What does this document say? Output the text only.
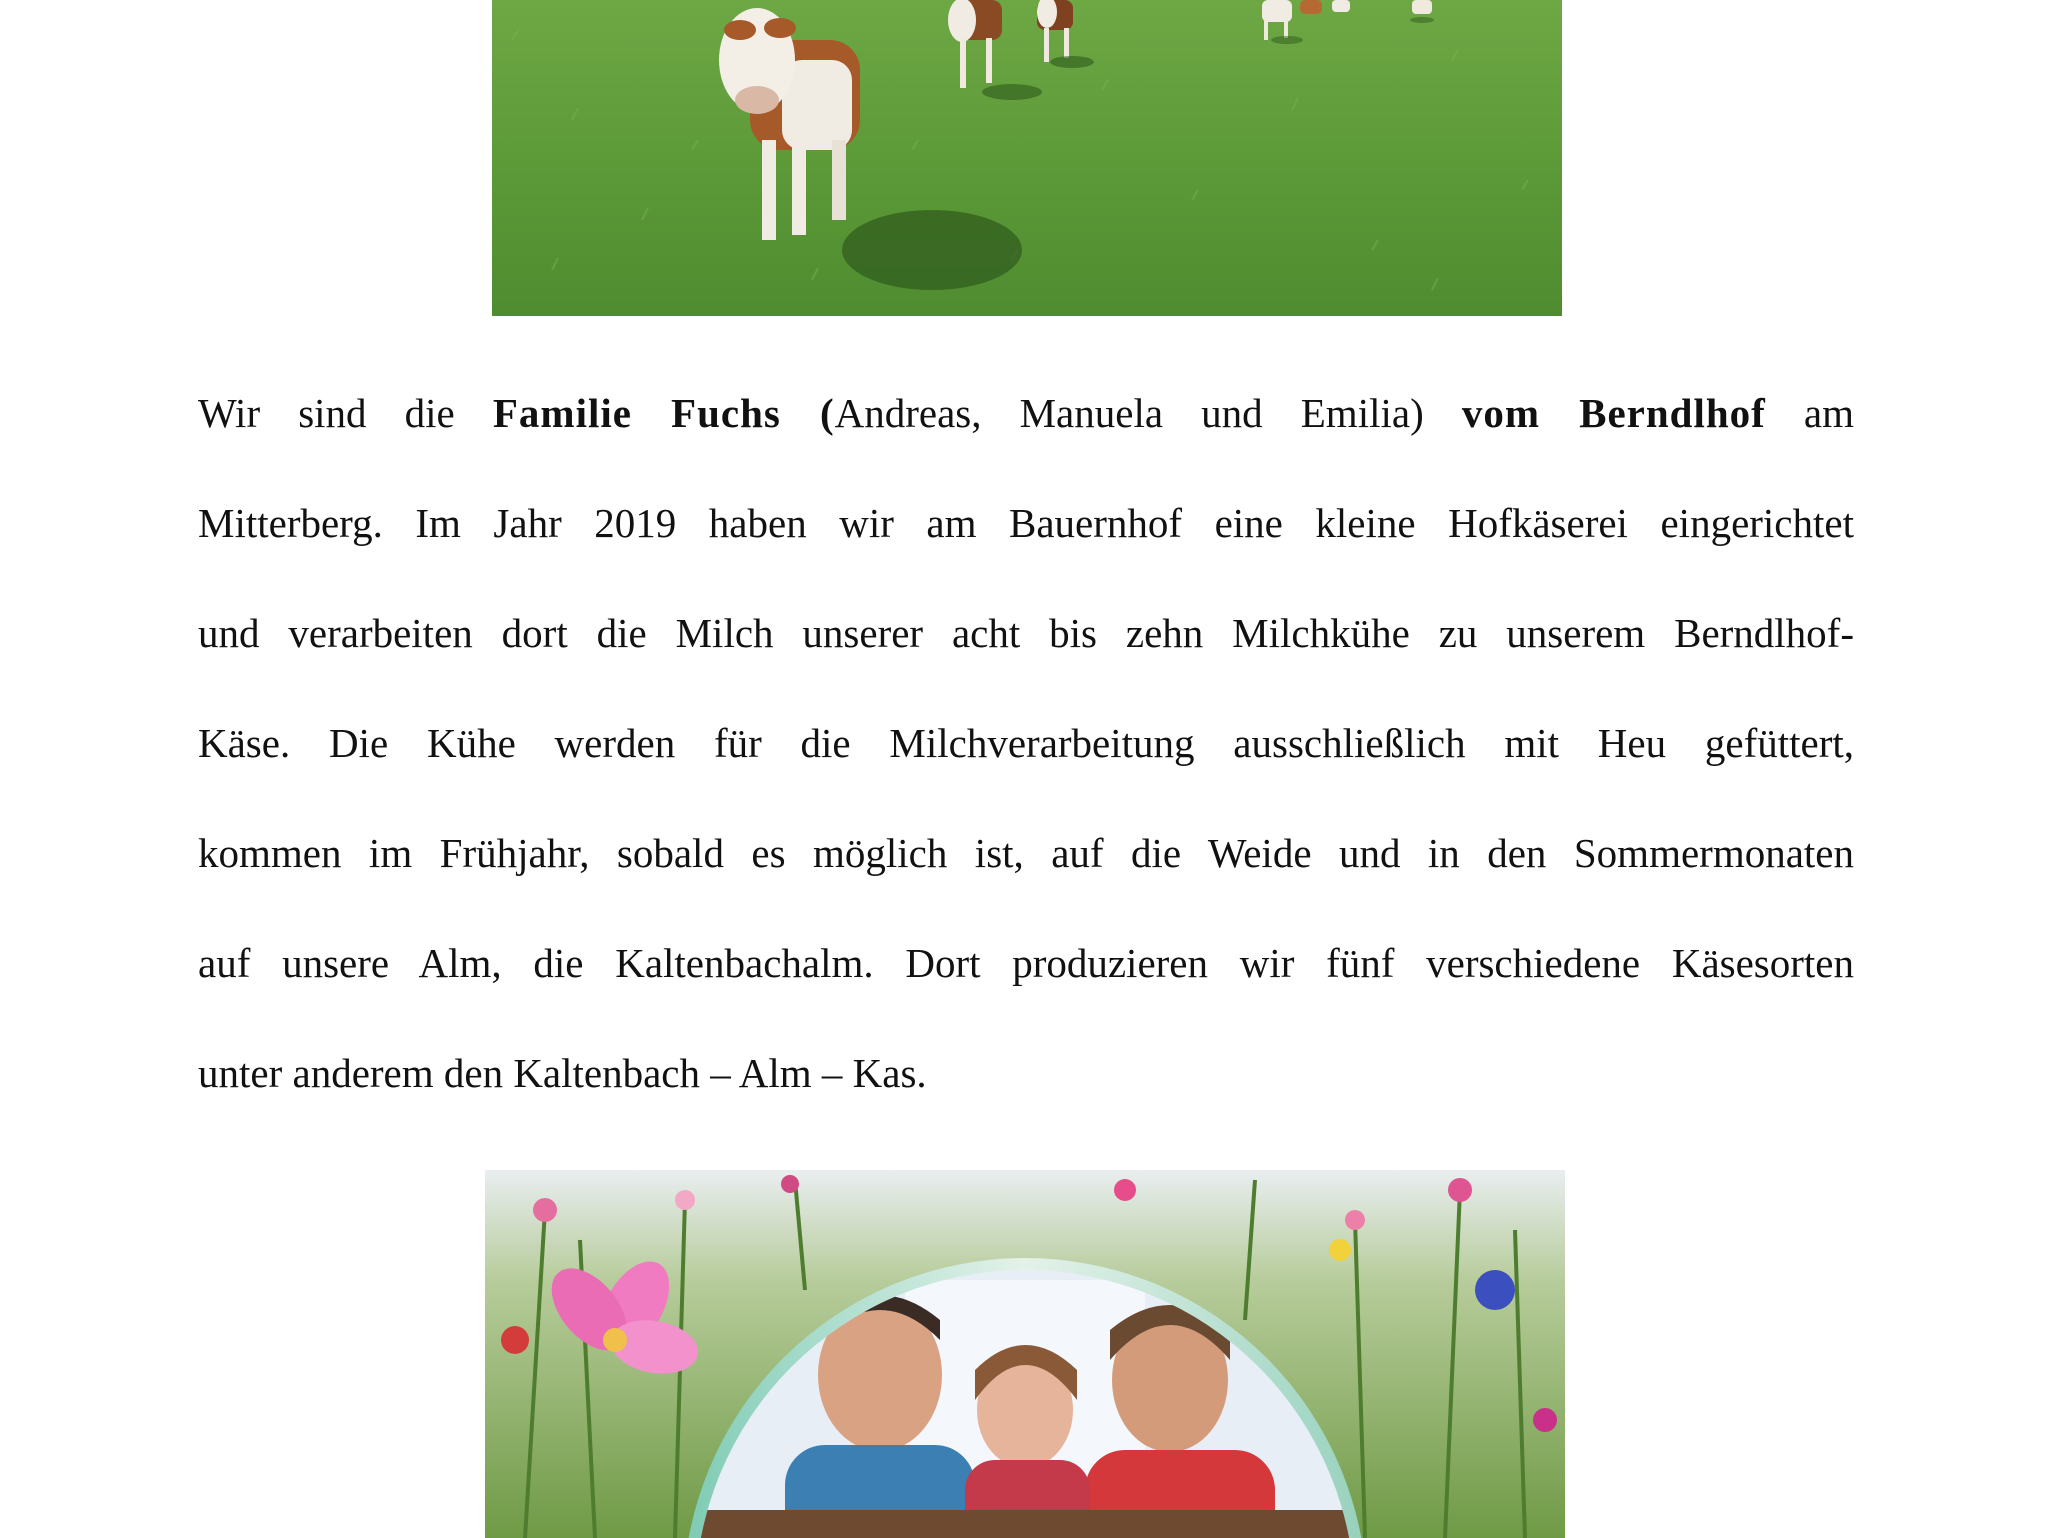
Wir sind die Familie Fuchs (Andreas, Manuela und Emilia) vom Berndlhof am
Mitterberg. Im Jahr 2019 haben wir am Bauernhof eine kleine Hofkäserei eingerichtet
und verarbeiten dort die Milch unserer acht bis zehn Milchkühe zu unserem Berndlhof-
Käse. Die Kühe werden für die Milchverarbeitung ausschließlich mit Heu gefüttert,
kommen im Frühjahr, sobald es möglich ist, auf die Weide und in den Sommermonaten
auf unsere Alm, die Kaltenbachalm. Dort produzieren wir fünf verschiedene Käsesorten
unter anderem den Kaltenbach – Alm – Kas.
